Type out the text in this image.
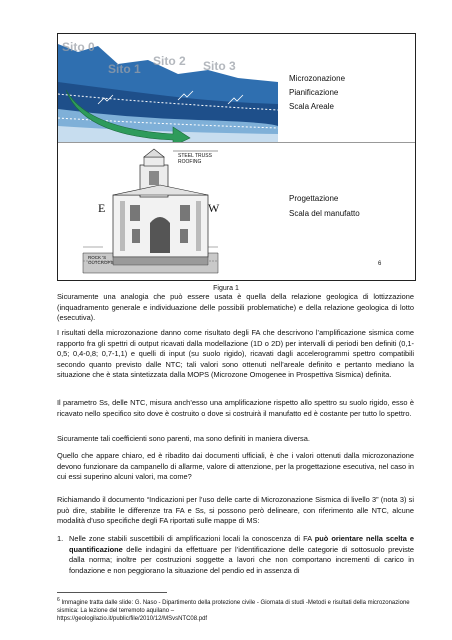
Sito 0
Sito 1
Sito 2 Sito 3
Microzonazione
Pianificazione
Scala Areale
STEEL TRUSS ROOFING
E	W
ROCK 'S OUTCROPS
Progettazione
Scala del manufatto
6
Figura 1

Sicuramente una analogia che può essere usata è quella della relazione geologica di lottizzazione (inquadramento generale e individuazione delle possibili problematiche) e della relazione geologica di lotto (esecutiva).

I risultati della microzonazione danno come risultato degli FA che descrivono l’amplificazione sismica come rapporto fra gli spettri di output ricavati dalla modellazione (1D o 2D) per intervalli di periodi ben definiti (0,1-0,5; 0,4-0,8; 0,7-1,1) e quelli di input (su suolo rigido), ricavati dagli accelerogrammi spettro compatibili secondo quanto previsto dalle NTC; tali valori sono ottenuti nell’areale definito e pertanto mediano la situazione che è stata sintetizzata dalla MOPS (Microzone Omogenee in Prospettiva Sismica) definita.

Il parametro Ss, delle NTC, misura anch’esso una amplificazione rispetto allo spettro su suolo rigido, esso è ricavato nello specifico sito dove è costruito o dove si costruirà il manufatto ed è costante per tutto lo spettro.

Sicuramente tali coefficienti sono parenti, ma sono definiti in maniera diversa.

Quello che appare chiaro, ed è ribadito dai documenti ufficiali, è che i valori ottenuti dalla microzonazione devono funzionare da campanello di allarme, valore di attenzione, per la progettazione esecutiva, nel caso in cui essi superino alcuni valori, ma come?

Richiamando il documento “Indicazioni per l’uso delle carte di Microzonazione Sismica di livello 3” (nota 3) si può dire, stabilite le differenze tra FA e Ss, si possono però delineare, con riferimento alle NTC, alcune modalità d’uso specifiche degli FA riportati sulle mappe di MS:

1. Nelle zone stabili suscettibili di amplificazioni locali la conoscenza di FA può orientare nella scelta e quantificazione delle indagini da effettuare per l’identificazione delle categorie di sottosuolo previste dalla norma; inoltre per costruzioni soggette a lavori che non comportano incrementi di carico in fondazione e non peggiorano la situazione del pendio ed in assenza di
$^6$ Immagine tratta dalle slide: G. Naso - Dipartimento della protezione civile - Giornata di studi -Metodi e risultati della microzonazione sismica: La lezione del terremoto aquilano –
https://geologilazio.it/public/file/2010/12/MSvsNTC08.pdf
